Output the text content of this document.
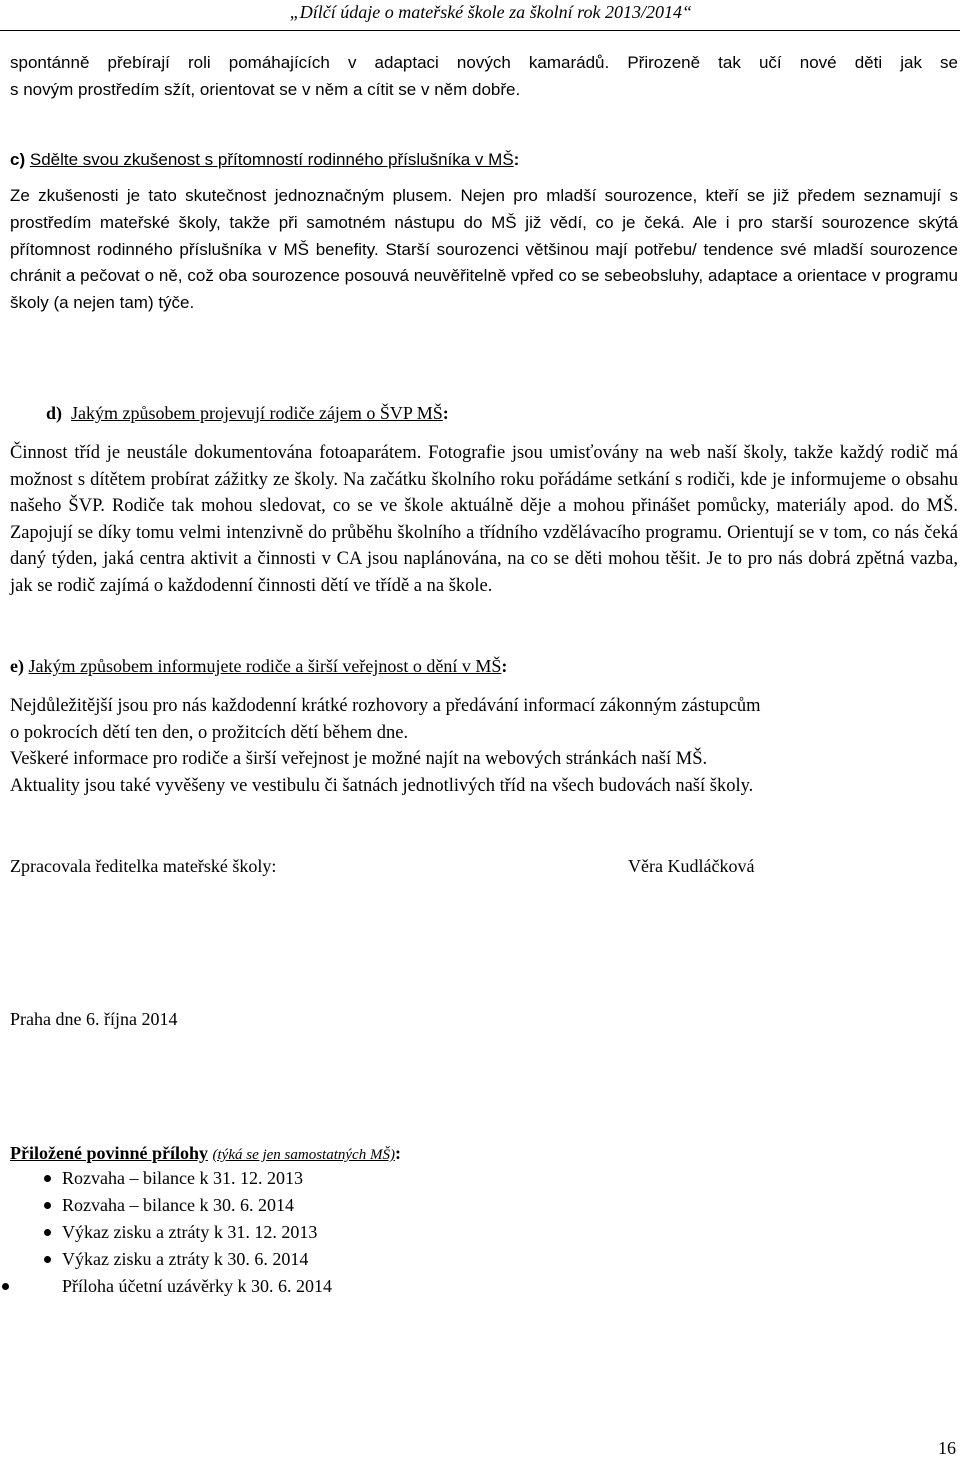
„Dílčí údaje o mateřské škole za školní rok 2013/2014“
spontánně přebírají roli pomáhajících v adaptaci nových kamarádů. Přirozeně tak učí nové děti jak se
s novým prostředím sžít, orientovat se v něm a cítit se v něm dobře.
c) Sdělte svou zkušenost s přítomností rodinného příslušníka v MŠ:
Ze zkušenosti je tato skutečnost jednoznačným plusem. Nejen pro mladší sourozence, kteří se již předem seznamují s prostředím mateřské školy, takže při samotném nástupu do MŠ již vědí, co je čeká. Ale i pro starší sourozence skýtá přítomnost rodinného příslušníka v MŠ benefity. Starší sourozenci většinou mají potřebu/ tendence své mladší sourozence chránit a pečovat o ně, což oba sourozence posouvá neuvěřitelně vpřed co se sebeobsluhy, adaptace a orientace v programu školy (a nejen tam) týče.
d) Jakým způsobem projevují rodiče zájem o ŠVP MŠ:
Činnost tříd je neustále dokumentována fotoaparátem. Fotografie jsou umisťovány na web naší školy, takže každý rodič má možnost s dítětem probírat zážitky ze školy. Na začátku školního roku pořádáme setkání s rodiči, kde je informujeme o obsahu našeho ŠVP. Rodiče tak mohou sledovat, co se ve škole aktuálně děje a mohou přinášet pomůcky, materiály apod. do MŠ. Zapojují se díky tomu velmi intenzivně do průběhu školního a třídního vzdělávacího programu. Orientují se v tom, co nás čeká daný týden, jaká centra aktivit a činnosti v CA jsou naplánována, na co se děti mohou těšit. Je to pro nás dobrá zpětná vazba, jak se rodič zajímá o každodenní činnosti dětí ve třídě a na škole.
e) Jakým způsobem informujete rodiče a širší veřejnost o dění v MŠ:
Nejdůležitější jsou pro nás každodenní krátké rozhovory a předávání informací zákonným zástupcům
o pokrocích dětí ten den, o prožitcích dětí během dne.
Veškeré informace pro rodiče a širší veřejnost je možné najít na webových stránkách naší MŠ.
Aktuality jsou také vyvěšeny ve vestibulu či šatnách jednotlivých tříd na všech budovách naší školy.
Zpracovala ředitelka mateřské školy:	Věra Kudláčková
Praha dne 6. října 2014
Přiložené povinné přílohy (týká se jen samostatných MŠ):
Rozvaha – bilance k 31. 12. 2013
Rozvaha – bilance k 30. 6. 2014
Výkaz zisku a ztráty k 31. 12. 2013
Výkaz zisku a ztráty k 30. 6. 2014
Příloha účetní uzávěrky k 30. 6. 2014
16
